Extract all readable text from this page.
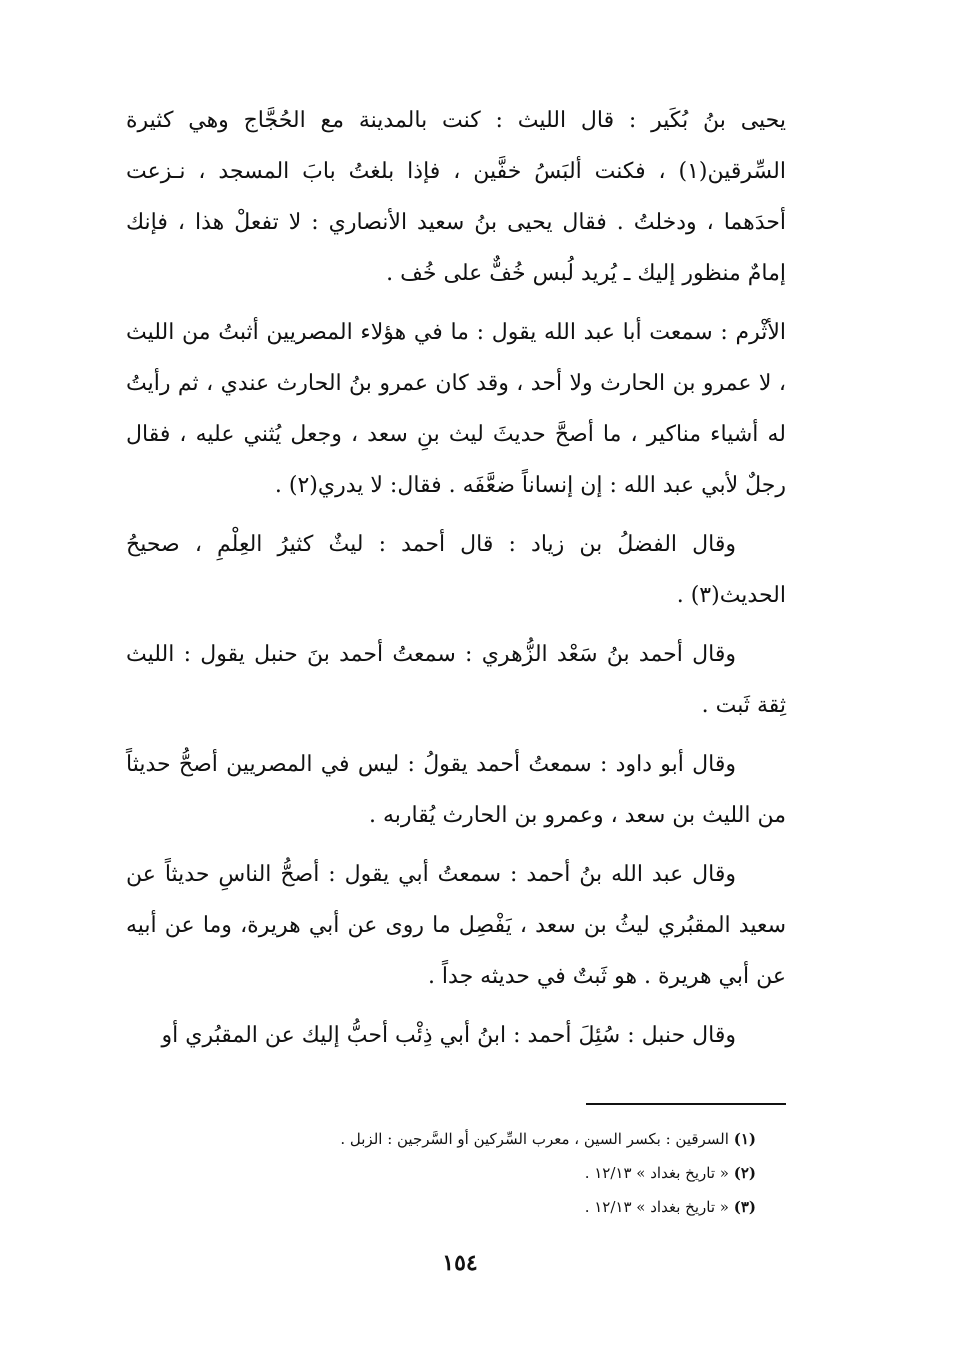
يحيى بنُ بُكَير : قال الليث : كنت بالمدينة مع الحُجَّاج وهي كثيرة السِّرقين(١) ، فكنت ألبَسُ خفَّين ، فإذا بلغتُ بابَ المسجد ، نـزعت أحدَهما ، ودخلتُ . فقال يحيى بنُ سعيد الأنصاري : لا تفعلْ هذا ، فإنك إمامٌ منظور إليك ـ يُريد لُبس خُفٌّ على خُف .

الأثْرم : سمعت أبا عبد الله يقول : ما في هؤلاء المصريين أثبتُ من الليث ، لا عمرو بن الحارث ولا أحد ، وقد كان عمرو بنُ الحارث عندي ، ثم رأيتُ له أشياء مناكير ، ما أصحَّ حديثَ ليث بنِ سعد ، وجعل يُثني عليه ، فقال رجلٌ لأبي عبد الله : إن إنساناً ضعَّفَه . فقال: لا يدري(٢) .

وقال الفضلُ بن زياد : قال أحمد : ليثٌ كثيرُ العِلْمِ ، صحيحُ الحديث(٣) .

وقال أحمد بنُ سَعْد الزُّهري : سمعتُ أحمد بنَ حنبل يقول : الليث ثِقة ثَبت .

وقال أبو داود : سمعتُ أحمد يقولُ : ليس في المصريين أصحُّ حديثاً من الليث بن سعد ، وعمرو بن الحارث يُقاربه .

وقال عبد الله بنُ أحمد : سمعتُ أبي يقول : أصحُّ الناسِ حديثاً عن سعيد المقبُري ليثُ بن سعد ، يَفْصِل ما روى عن أبي هريرة، وما عن أبيه عن أبي هريرة . هو ثَبتٌ في حديثه جداً .

وقال حنبل : سُئِلَ أحمد : ابنُ أبي ذِئْب أحبُّ إليك عن المقبُري أو

(١) السرقين : بكسر السين ، معرب السِّركين أو السَّرجين : الزبل .

(٢) « تاريخ بغداد » ١٢/١٣ .

(٣) « تاريخ بغداد » ١٢/١٣ .

١٥٤
